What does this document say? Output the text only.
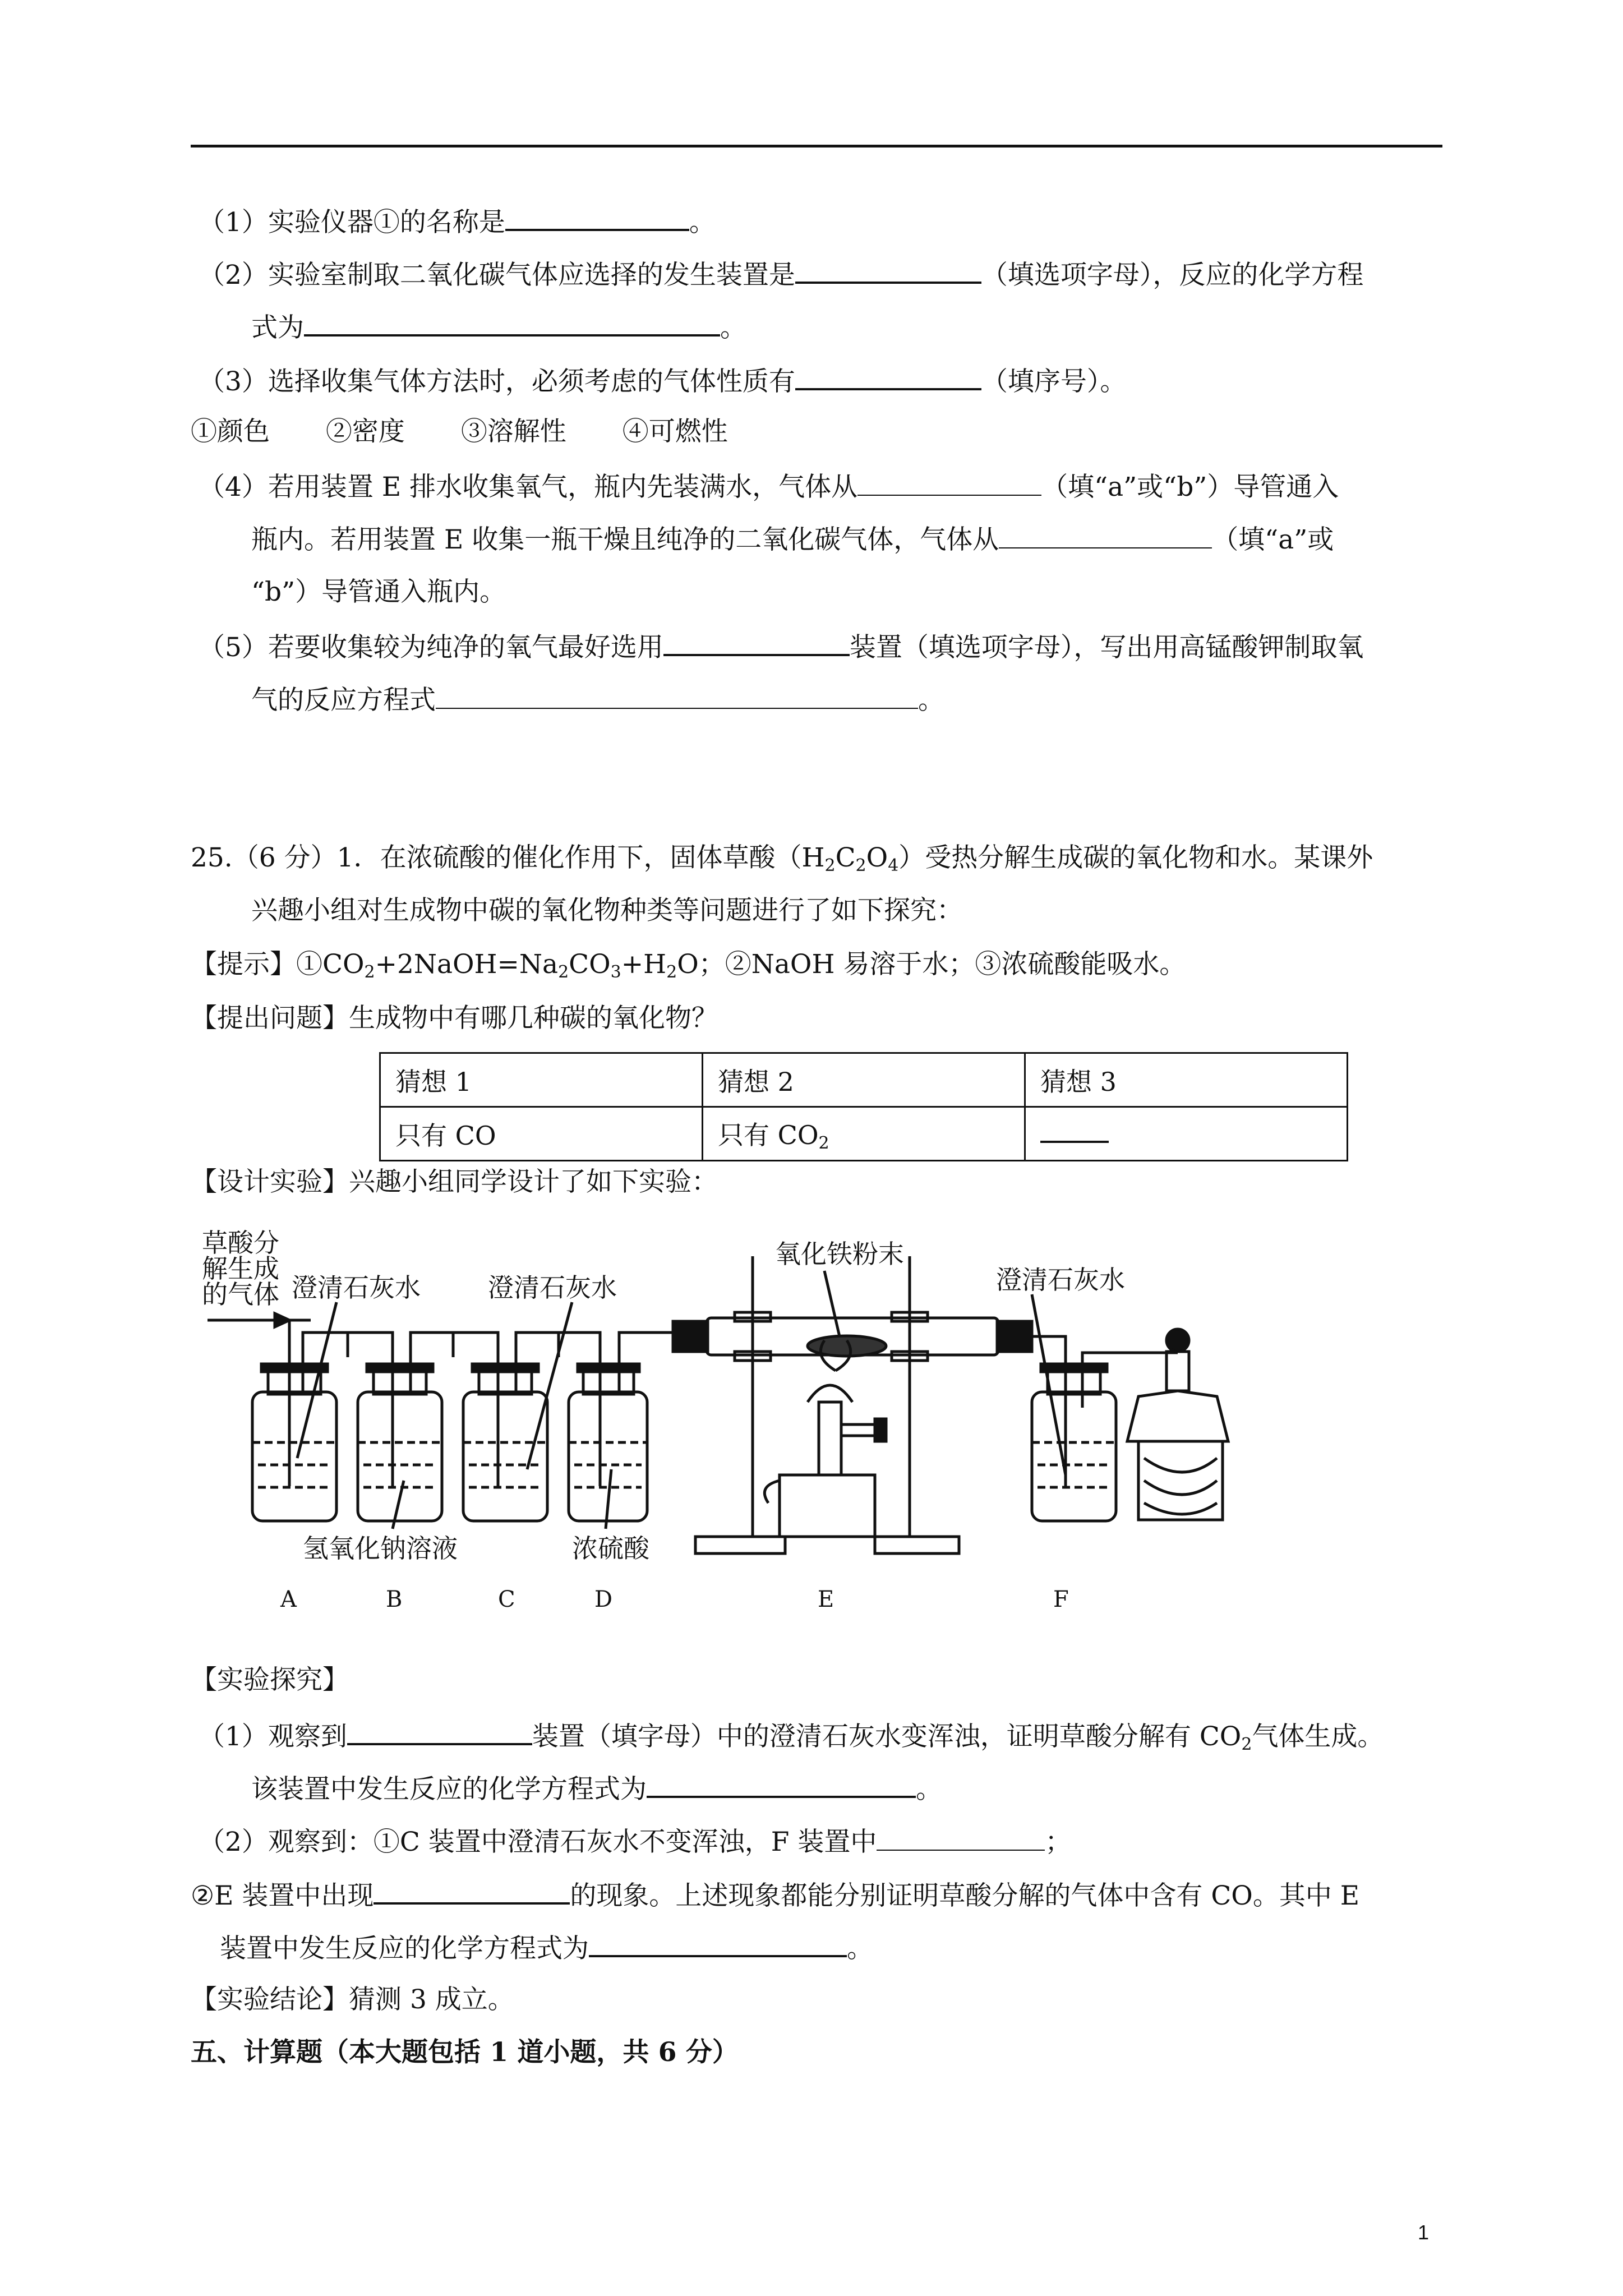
（1）实验仪器①的名称是	。
（2）实验室制取二氧化碳气体应选择的发生装置是	（填选项字母），反应的化学方程
式为	。
（3）选择收集气体方法时，必须考虑的气体性质有	（填序号）。
①颜色 ②密度 ③溶解性 ④可燃性
（4）若用装置 E 排水收集氧气，瓶内先装满水，气体从	（填“a”或“b”）导管通入
瓶内。若用装置 E 收集一瓶干燥且纯净的二氧化碳气体，气体从	（填“a”或
“b”）导管通入瓶内。
（5）若要收集较为纯净的氧气最好选用	装置（填选项字母），写出用高锰酸钾制取氧
气的反应方程式	。
25.（6 分）1．在浓硫酸的催化作用下，固体草酸$(H_2C_2O_4)$受热分解生成碳的氧化物和水。某课外
兴趣小组对生成物中碳的氧化物种类等问题进行了如下探究：
【提示】$①CO_2+2NaOH=Na_2CO_3+H_2O$；②NaOH 易溶于水；③浓硫酸能吸水。
【提出问题】生成物中有哪几种碳的氧化物？
猜想 1	猜想 2	猜想 3
只有 CO	只有 $CO_2$	
【设计实验】兴趣小组同学设计了如下实验：
草酸分
解生成
的气体 澄清石灰水	澄清石灰水
氧化铁粉末
澄清石灰水
氢氧化钠溶液	浓硫酸
A	B	C	D	E	F
【实验探究】
（1）观察到	装置（填字母）中的澄清石灰水变浑浊，证明草酸分解有 $CO_2$气体生成。
该装置中发生反应的化学方程式为	。
（2）观察到：①C 装置中澄清石灰水不变浑浊，F 装置中	；
②E 装置中出现	的现象。上述现象都能分别证明草酸分解的气体中含有 CO。其中 E
装置中发生反应的化学方程式为	。
【实验结论】猜测 3 成立。
五、计算题（本大题包括 1 道小题，共 6 分）
1
